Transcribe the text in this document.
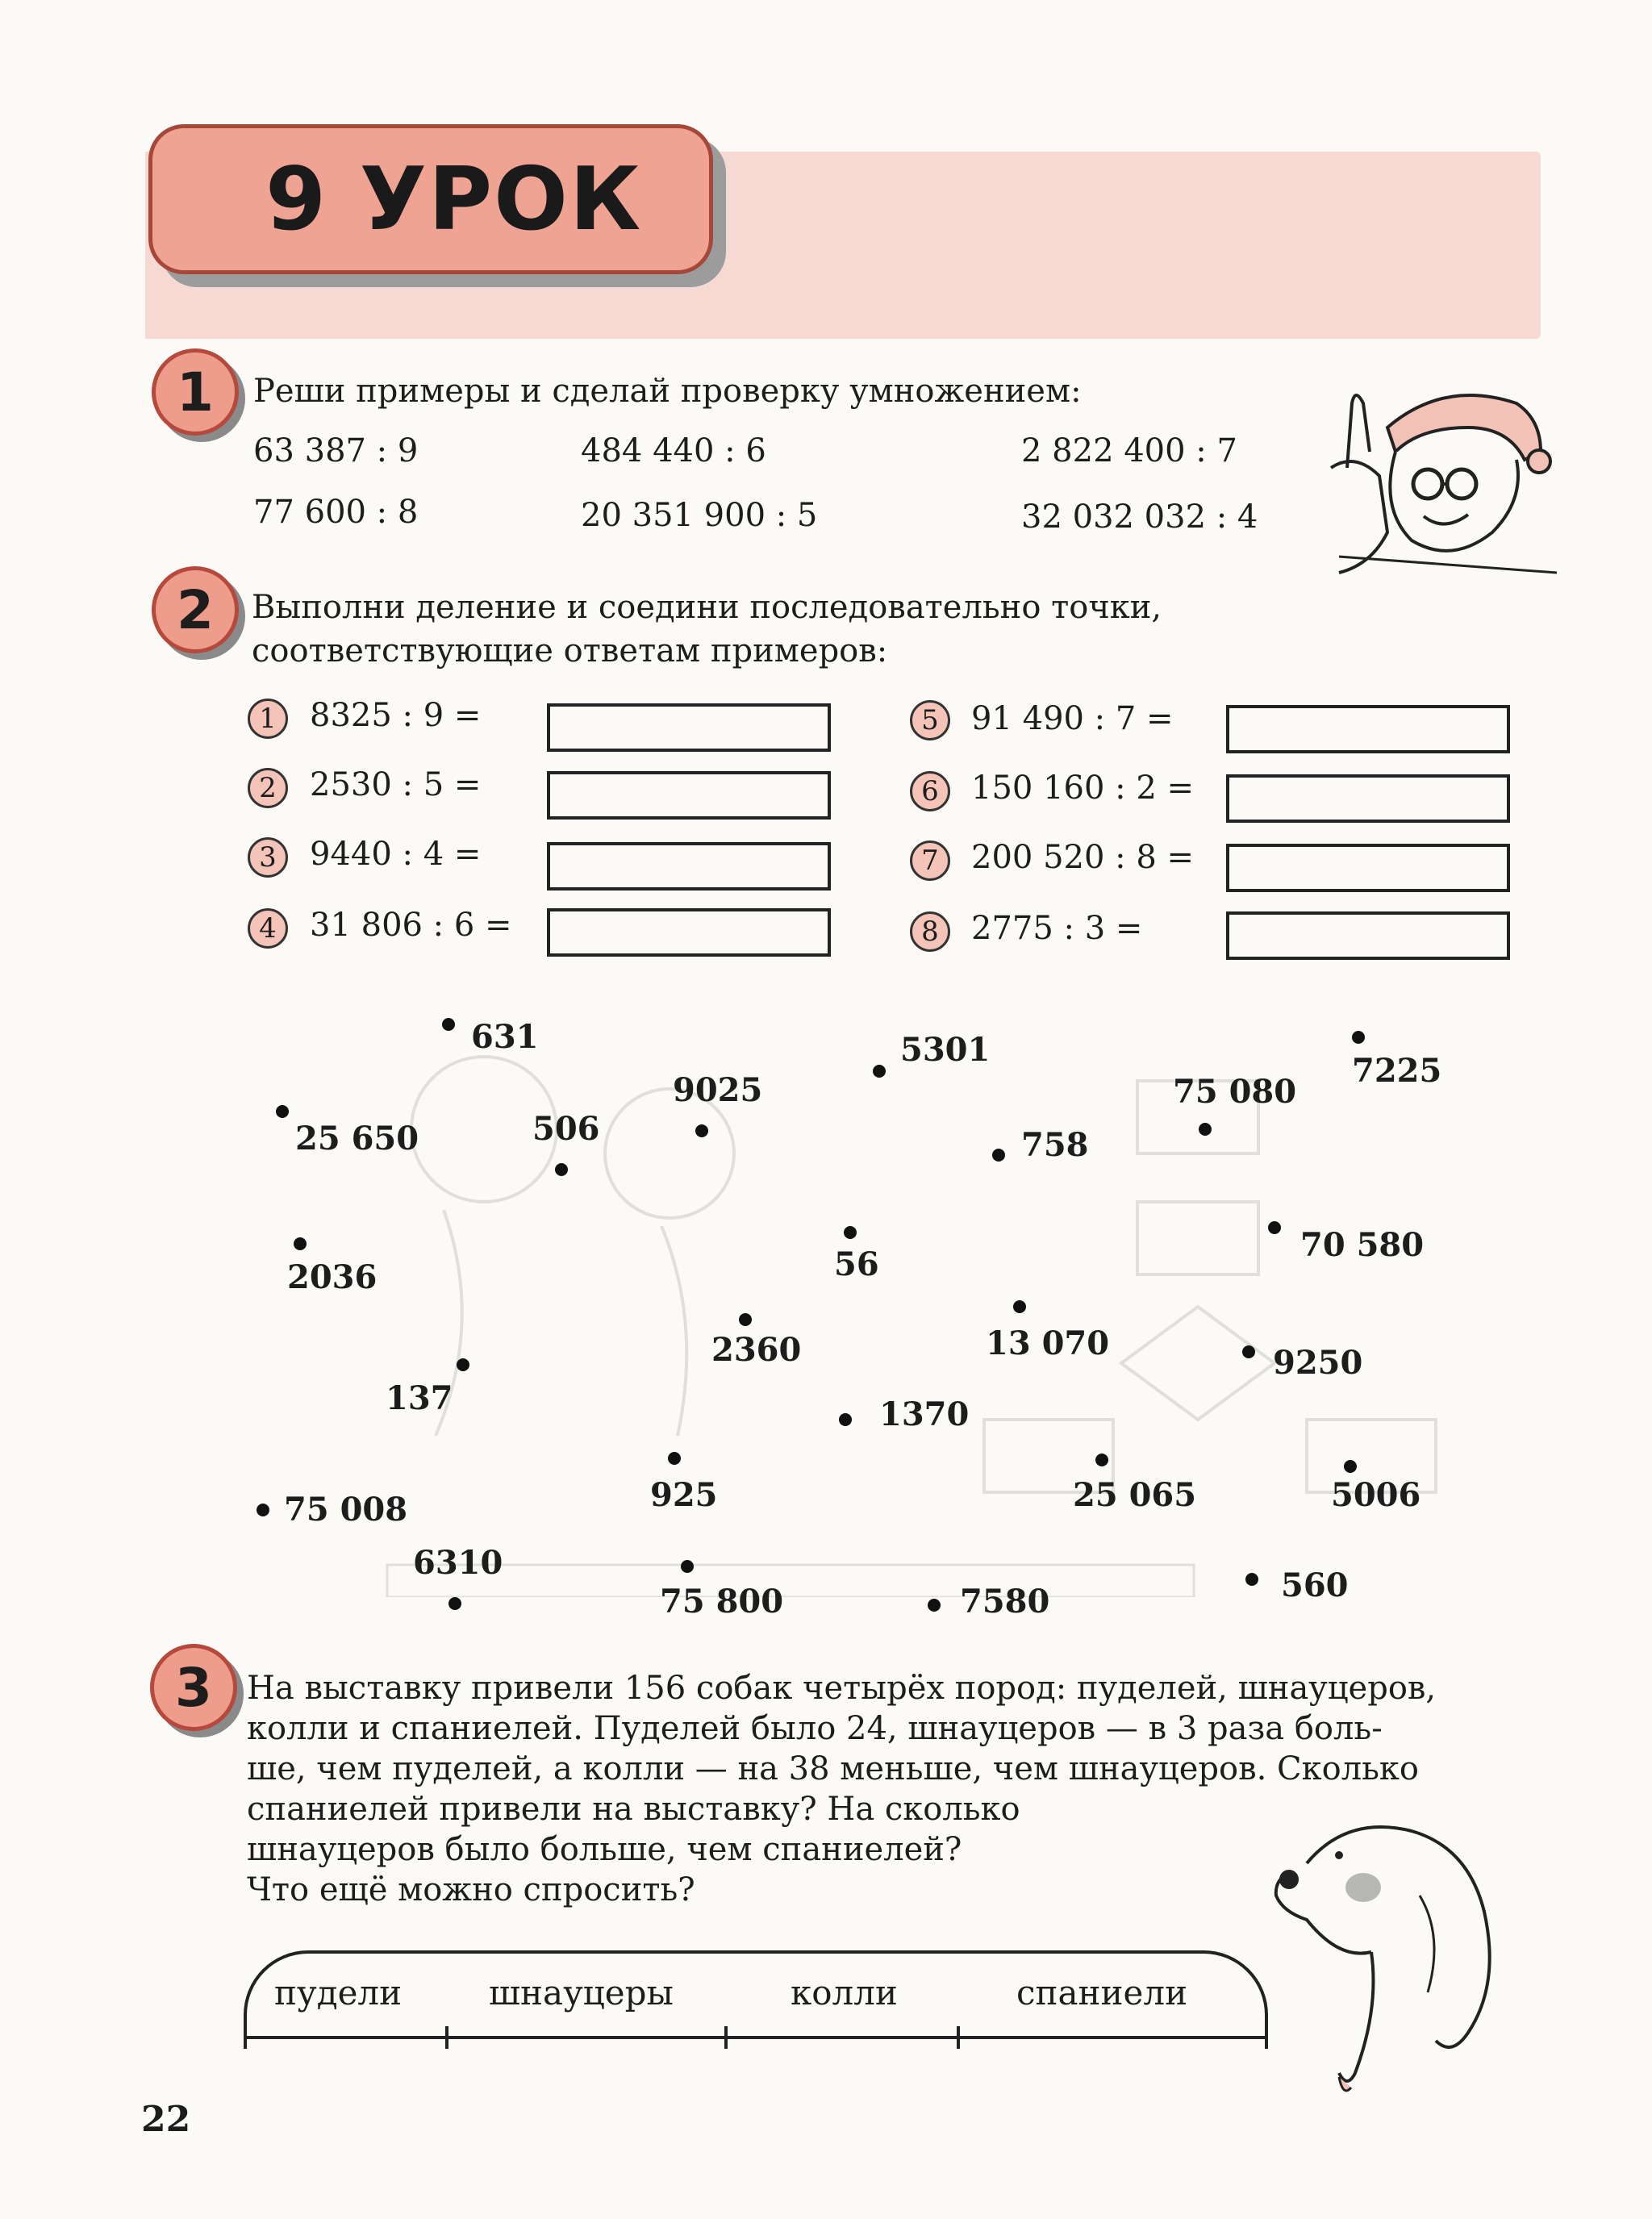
9 УРОК
1	Реши примеры и сделай проверку умножением:
63 387 : 9	484 440 : 6	2 822 400 : 7
77 600 : 8	20 351 900 : 5	32 032 032 : 4
2	Выполни деление и соедини последовательно точки,
соответствующие ответам примеров:
1	8325 : 9 =
2	2530 : 5 =
3	9440 : 4 =
4	31 806 : 6 =
5	91 490 : 7 =
6	150 160 : 2 =
7	200 520 : 8 =
8	2775 : 3 =
631	5301
7225
25 650	506
9025	75 080
758
2036	56
70 580
13 070
2360	9250
137	1370
925	25 065	5006
75 008
6310
75 800	7580	560
3	На выставку привели 156 собак четырёх пород: пуделей, шнауцеров,
колли и спаниелей. Пуделей было 24, шнауцеров — в 3 раза боль-
ше, чем пуделей, а колли — на 38 меньше, чем шнауцеров. Сколько
спаниелей привели на выставку? На сколько
шнауцеров было больше, чем спаниелей?
Что ещё можно спросить?
пудели	шнауцеры	колли	спаниели
22
